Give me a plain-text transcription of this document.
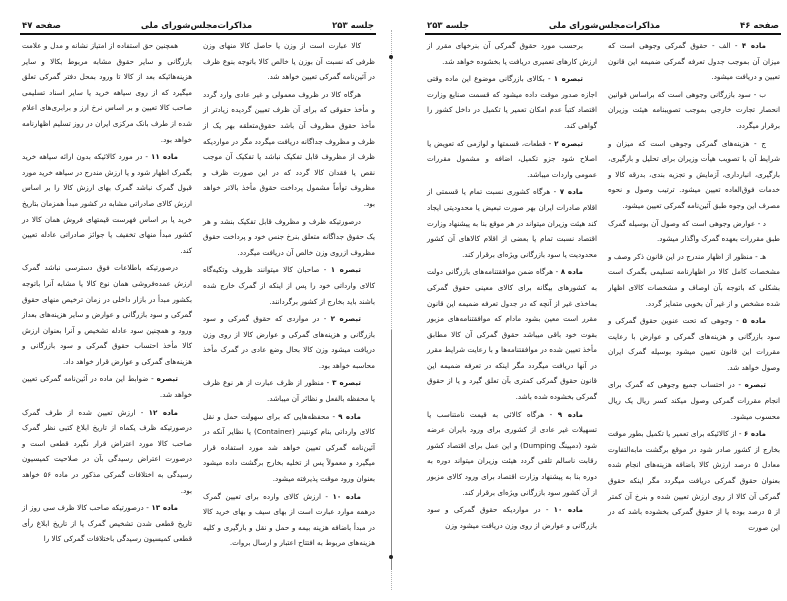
جلسه ۲۵۳
مذاکرات‌مجلس‌شورای ملی
صفحه ۴۷

کالا عبارت است از وزن یا حاصل کالا منهای وزن ظرفی که نسبت آن بوزن یا خالص کالا باتوجه بنوع ظرف در آئین‌نامه گمرکی تعیین خواهد شد.

هرگاه کالا در ظروف معمولی و غیر عادی وارد گردد و مأخذ حقوقی که برای آن ظرف تعیین گردیده زیادتر از مأخذ حقوق مظروف آن باشد حقوق‌متعلقه بهر یک از ظرف و مظروف جداگانه دریافت میگردد مگر در مواردیکه ظرف از مظروف قابل تفکیک نباشد یا تفکیک آن موجب نقص یا فقدان کالا گردد که در این صورت ظرف و مظروف توأماً مشمول پرداخت حقوق مأخذ بالاتر خواهد بود.

درصورتیکه ظرف و مظروف قابل تفکیک بنشد و هر یک حقوق جداگانه متعلق بنرخ جنس خود و پرداخت حقوق مظروف ازروی وزن خالص آن دریافت میگردد.

تبصره ۱ - صاحبان کالا میتوانند ظروف وتکیه‌گاه کالای وارداتی خود را پس از اینکه از گمرک خارج شده باشند باید بخارج از کشور برگردانند.

تبصره ۲ - در مواردی که حقوق گمرکی و سود بازرگانی و هزینه‌های گمرکی و عوارض کالا از روی وزن دریافت میشود وزن کالا بحال وضع عادی در گمرک مأخذ محاسبه خواهد بود.

تبصره ۳ - منظور از ظرف عبارت از هر نوع ظرف یا محفظه بالفعل و نظائر آن میباشد.

ماده ۹ - محفظه‌هایی که برای سهولت حمل و نقل کالای وارداتی بنام کونتینر (Container) یا نظایر آنکه در آئین‌نامه گمرکی تعیین خواهد شد مورد استفاده قرار میگیرد و معمولاً پس از تخلیه بخارج برگشت داده میشود بعنوان ورود موقت پذیرفته میشود.

ماده ۱۰ - ارزش کالای وارده برای تعیین گمرک درهمه موارد عبارت است از بهای سیف و بهای خرید کالا در مبدأ باضافه هزینه بیمه و حمل و نقل و بارگیری و کلیه هزینه‌های مربوط به افتتاح اعتبار و ارسال بروات.

همچنین حق استفاده از امتیاز نشانه و مدل و علامت بازرگانی و سایر حقوق مشابه مربوط بکالا و سایر هزینه‌هائیکه بعد از کالا تا ورود بمحل دفتر گمرکی تعلق میگیرد که از روی سیاهه خرید یا سایر اسناد تسلیمی صاحب کالا تعیین و بر اساس نرخ ارز و برابری‌های اعلام شده از طرف بانک مرکزی ایران در روز تسلیم اظهارنامه خواهد بود.

ماده ۱۱ - در مورد کالائیکه بدون ارائه سیاهه خرید بگمرک اظهار شود و یا ارزش مندرج در سیاهه خرید مورد قبول گمرک نباشد گمرک بهای ارزش کالا را بر اساس ارزش کالای صادراتی مشابه در کشور مبدأ همزمان بتاریخ خرید یا بر اساس فهرست قیمتهای فروش همان کالا در کشور مبدأ منهای تخفیف یا جوائز صادراتی عادله تعیین کند.

درصورتیکه باطلاعات فوق دسترسی نباشد گمرک ارزش عمده‌فروشی همان نوع کالا یا مشابه آنرا باتوجه بکشور مبدأ در بازار داخلی در زمان ترخیص منهای حقوق گمرکی و سود بازرگانی و عوارض و سایر هزینه‌های بعداز ورود و همچنین سود عادله تشخیص و آنرا بعنوان ارزش کالا مأخذ احتساب حقوق گمرکی و سود بازرگانی و هزینه‌های گمرکی و عوارض قرار خواهد داد.

تبصره - ضوابط این ماده در آئین‌نامه گمرکی تعیین خواهد شد.

ماده ۱۲ - ارزش تعیین شده از طرف گمرک درصورتیکه ظرف یکماه از تاریخ ابلاغ کتبی نظر گمرک صاحب کالا مورد اعتراض قرار نگیرد قطعی است و درصورت اعتراض رسیدگی بآن در صلاحیت کمیسیون رسیدگی به اختلافات گمرکی مذکور در ماده ۵۶ خواهد بود.

ماده ۱۳ - درصورتیکه صاحب کالا ظرف سی روز از تاریخ قطعی شدن تشخیص گمرک یا از تاریخ ابلاغ رأی قطعی کمیسیون رسیدگی باختلافات گمرکی کالا را

صفحه ۴۶
مذاکرات‌مجلس‌شورای ملی
جلسه ۲۵۳

ماده ۴ - الف - حقوق گمرکی وجوهی است که میزان آن بموجب جدول تعرفه گمرکی ضمیمه این قانون تعیین و دریافت میشود.

ب - سود بازرگانی وجوهی است که براساس قوانین انحصار تجارت خارجی بموجب تصویبنامه هیئت وزیران برقرار میگردد.

ج - هزینه‌های گمرکی وجوهی است که میزان و شرایط آن با تصویب هیأت وزیران برای تحلیل و بارگیری، بارگیری، انبارداری، آزمایش و تجزیه بندی، بدرقه کالا و خدمات فوق‌العاده تعیین میشود. ترتیب وصول و نحوه مصرف این وجوه طبق آئین‌نامه گمرکی تعیین میشود.

د - عوارض وجوهی است که وصول آن بوسیله گمرک طبق مقررات بعهده گمرک واگذار میشود.

هـ - منظور از اظهار مندرج در این قانون ذکر وصف و مشخصات کامل کالا در اظهارنامه تسلیمی بگمرک است بشکلی که باتوجه بآن اوصاف و مشخصات کالای اظهار شده مشخص و از غیر آن بخوبی متمایز گردد.

ماده ۵ - وجوهی که تحت عنوین حقوق گمرکی و سود بازرگانی و هزینه‌های گمرکی و عوارض با رعایت مقررات این قانون تعیین میشود بوسیله گمرک ایران وصول خواهد شد.

تبصره - در احتساب جمیع وجوهی که گمرک برای انجام مقررات گمرکی وصول میکند کسر ریال یک ریال محسوب میشود.

ماده ۶ - از کالائیکه برای تعمیر یا تکمیل بطور موقت بخارج از کشور صادر شود در موقع برگشت مابه‌التفاوت معادل ۵ درصد ارزش کالا باضافه هزینه‌های انجام شده بعنوان حقوق گمرکی دریافت میگردد مگر اینکه حقوق گمرکی آن کالا از روی ارزش تعیین شده و بنرخ آن کمتر از ۵ درصد بوده یا از حقوق گمرکی بخشوده باشد که در این صورت

برحسب مورد حقوق گمرکی آن بنرخهای مقرر از ارزش کارهای تعمیری دریافت یا بخشوده خواهد شد.

تبصره ۱ - بکالای بازرگانی موضوع این ماده وقتی اجازه صدور موقت داده میشود که قسمت صنایع وزارت اقتصاد کتباً عدم امکان تعمیر یا تکمیل در داخل کشور را گواهی کند.

تبصره ۲ - قطعات، قسمتها و لوازمی که تعویض یا اصلاح شود جزو تکمیل، اضافه و مشمول مقررات عمومی واردات میباشد.

ماده ۷ - هرگاه کشوری نسبت تمام یا قسمتی از اقلام صادرات ایران بهر صورت تبعیض یا محدودیتی ایجاد کند هیئت وزیران میتواند در هر موقع بنا به پیشنهاد وزارت اقتصاد نسبت تمام یا بعضی از اقلام کالاهای آن کشور محدودیت یا سود بازرگانی ویژه‌ای برقرار کند.

ماده ۸ - هرگاه ضمن موافقتنامه‌های بازرگانی دولت به کشورهای بیگانه برای کالای معینی حقوق گمرکی بماخذی غیر از آنچه که در جدول تعرفه ضمیمه این قانون مقرر است معین بشود مادام که موافقتنامه‌های مزبور بقوت خود باقی میباشد حقوق گمرکی آن کالا مطابق مأخذ تعیین شده در موافقتنامه‌ها و با رعایت شرایط مقرر در آنها دریافت میگردد مگر اینکه در تعرفه ضمیمه این قانون حقوق گمرکی کمتری بآن تعلق گیرد و یا از حقوق گمرکی بخشوده شده باشد.

ماده ۹ - هرگاه کالائی به قیمت نامتناسب یا تسهیلات غیر عادی از کشوری برای ورود بایران عرضه شود (دمپینگ Dumping) و این عمل برای اقتصاد کشور رقابت ناسالم تلقی گردد هیئت وزیران میتواند دوره به دوره بنا به پیشنهاد وزارت اقتصاد برای ورود کالای مزبور از آن کشور سود بازرگانی ویژه‌ای برقرار کند.

ماده ۱۰ - در مواردیکه حقوق گمرکی و سود بازرگانی و عوارض از روی وزن دریافت میشود وزن
